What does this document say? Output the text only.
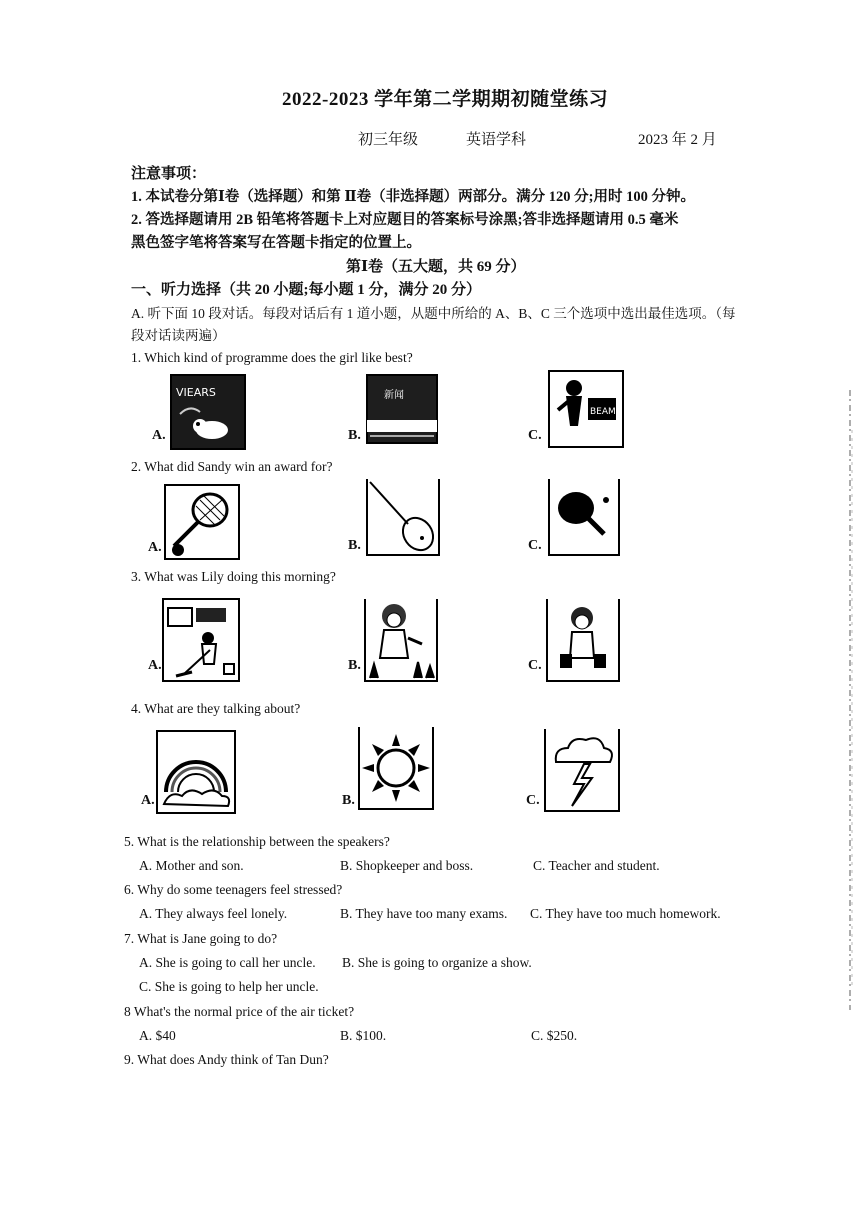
2022-2023 学年第二学期期初随堂练习
初三年级	英语学科	2023 年 2 月
注意事项：
1. 本试卷分第Ⅰ卷（选择题）和第 Ⅱ卷（非选择题）两部分。满分 120 分;用时 100 分钟。
2. 答选择题请用 2B 铅笔将答题卡上对应题目的答案标号涂黑;答非选择题请用 0.5 毫米
黑色签字笔将答案写在答题卡指定的位置上。
第Ⅰ卷（五大题，共 69 分）
一、听力选择（共 20 小题;每小题 1 分，满分 20 分）
A. 听下面 10 段对话。每段对话后有 1 道小题，从题中所给的 A、B、C 三个选项中选出最佳选项。（每
段对话读两遍）
1. Which kind of programme does the girl like best?
A.
VIEARS
B.
新闻
C.
BEAM
2. What did Sandy win an award for?
A.	B.	C.
3. What was Lily doing this morning?
A.	B.	C.
4. What are they talking about?
A.	B.	C.
5. What is the relationship between the speakers?
A. Mother and son.	B. Shopkeeper and boss.	C. Teacher and student.
6. Why do some teenagers feel stressed?
A. They always feel lonely.	B. They have too many exams. C. They have too much homework.
7. What is Jane going to do?
A. She is going to call her uncle. B. She is going to organize a show.
C. She is going to help her uncle.
8 What's the normal price of the air ticket?
A. $40	B. $100.	C. $250.
9. What does Andy think of Tan Dun?
